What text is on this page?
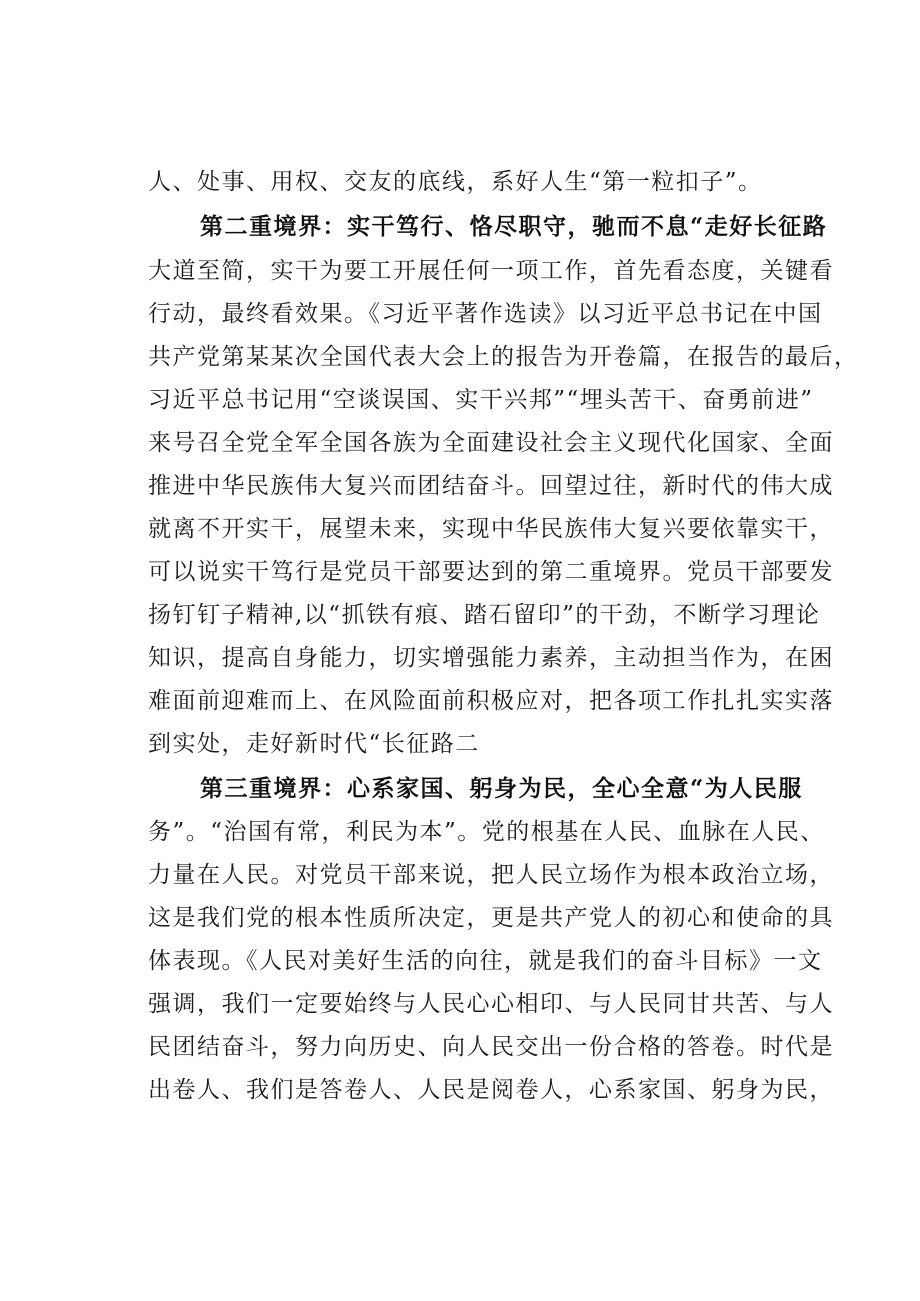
人、处事、用权、交友的底线，系好人生“第一粒扣子”。
第二重境界：实干笃行、恪尽职守，驰而不息“走好长征路
大道至简，实干为要工开展任何一项工作，首先看态度，关键看
行动，最终看效果。《习近平著作选读》以习近平总书记在中国
共产党第某某次全国代表大会上的报告为开卷篇，在报告的最后，
习近平总书记用“空谈误国、实干兴邦”“埋头苦干、奋勇前进”
来号召全党全军全国各族为全面建设社会主义现代化国家、全面
推进中华民族伟大复兴而团结奋斗。回望过往，新时代的伟大成
就离不开实干，展望未来，实现中华民族伟大复兴要依靠实干，
可以说实干笃行是党员干部要达到的第二重境界。党员干部要发
扬钉钉子精神,以“抓铁有痕、踏石留印”的干劲，不断学习理论
知识，提高自身能力，切实增强能力素养，主动担当作为，在困
难面前迎难而上、在风险面前积极应对，把各项工作扎扎实实落
到实处，走好新时代“长征路二
第三重境界：心系家国、躬身为民，全心全意“为人民服
务”。“治国有常，利民为本”。党的根基在人民、血脉在人民、
力量在人民。对党员干部来说，把人民立场作为根本政治立场，
这是我们党的根本性质所决定，更是共产党人的初心和使命的具
体表现。《人民对美好生活的向往，就是我们的奋斗目标》一文
强调，我们一定要始终与人民心心相印、与人民同甘共苦、与人
民团结奋斗，努力向历史、向人民交出一份合格的答卷。时代是
出卷人、我们是答卷人、人民是阅卷人，心系家国、躬身为民，
